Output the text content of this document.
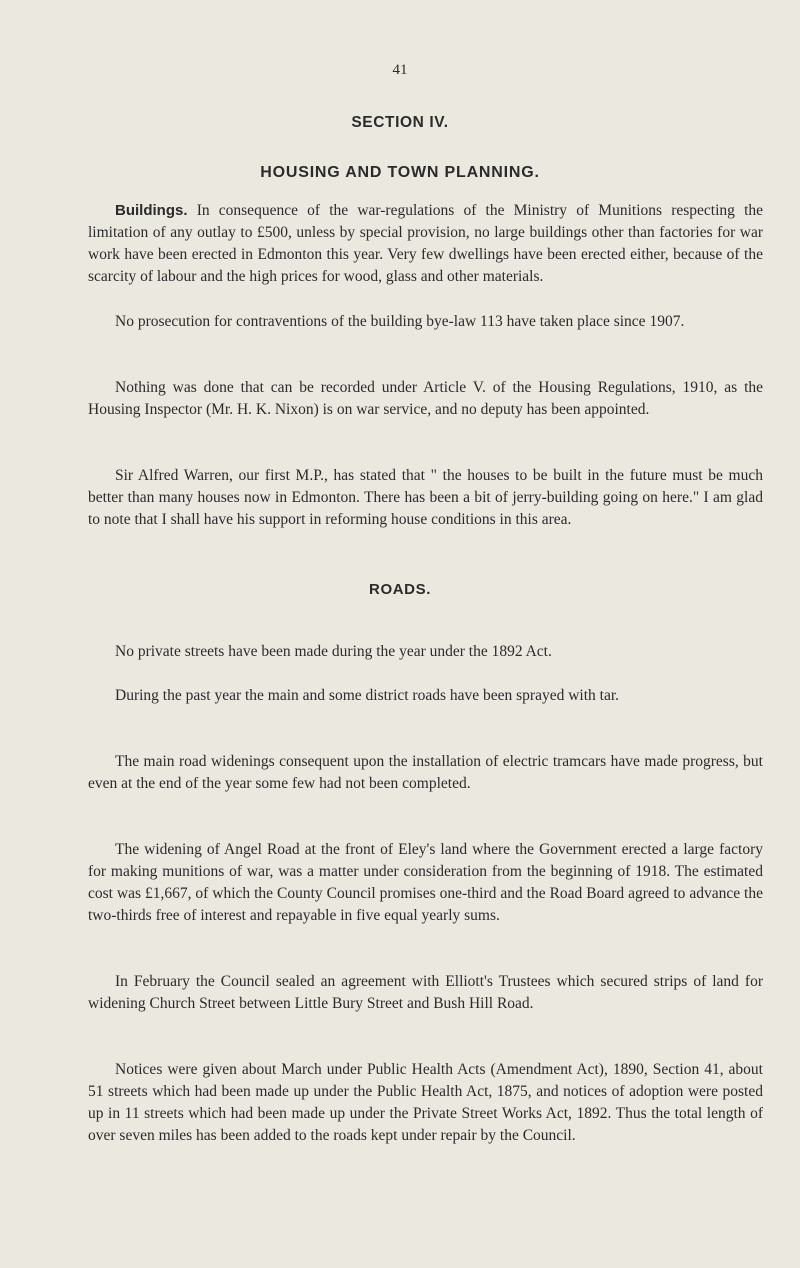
41
SECTION IV.
HOUSING AND TOWN PLANNING.

Buildings. In consequence of the war-regulations of the Ministry of Munitions respecting the limitation of any outlay to £500, unless by special provision, no large buildings other than factories for war work have been erected in Edmonton this year. Very few dwellings have been erected either, because of the scarcity of labour and the high prices for wood, glass and other materials.

No prosecution for contraventions of the building bye-law 113 have taken place since 1907.

Nothing was done that can be recorded under Article V. of the Housing Regulations, 1910, as the Housing Inspector (Mr. H. K. Nixon) is on war service, and no deputy has been appointed.

Sir Alfred Warren, our first M.P., has stated that " the houses to be built in the future must be much better than many houses now in Edmonton. There has been a bit of jerry-building going on here." I am glad to note that I shall have his support in reforming house conditions in this area.

ROADS.

No private streets have been made during the year under the 1892 Act.

During the past year the main and some district roads have been sprayed with tar.

The main road widenings consequent upon the installation of electric tramcars have made progress, but even at the end of the year some few had not been completed.

The widening of Angel Road at the front of Eley's land where the Government erected a large factory for making munitions of war, was a matter under consideration from the beginning of 1918. The estimated cost was £1,667, of which the County Council promises one-third and the Road Board agreed to advance the two-thirds free of interest and repayable in five equal yearly sums.

In February the Council sealed an agreement with Elliott's Trustees which secured strips of land for widening Church Street between Little Bury Street and Bush Hill Road.

Notices were given about March under Public Health Acts (Amendment Act), 1890, Section 41, about 51 streets which had been made up under the Public Health Act, 1875, and notices of adoption were posted up in 11 streets which had been made up under the Private Street Works Act, 1892. Thus the total length of over seven miles has been added to the roads kept under repair by the Council.
